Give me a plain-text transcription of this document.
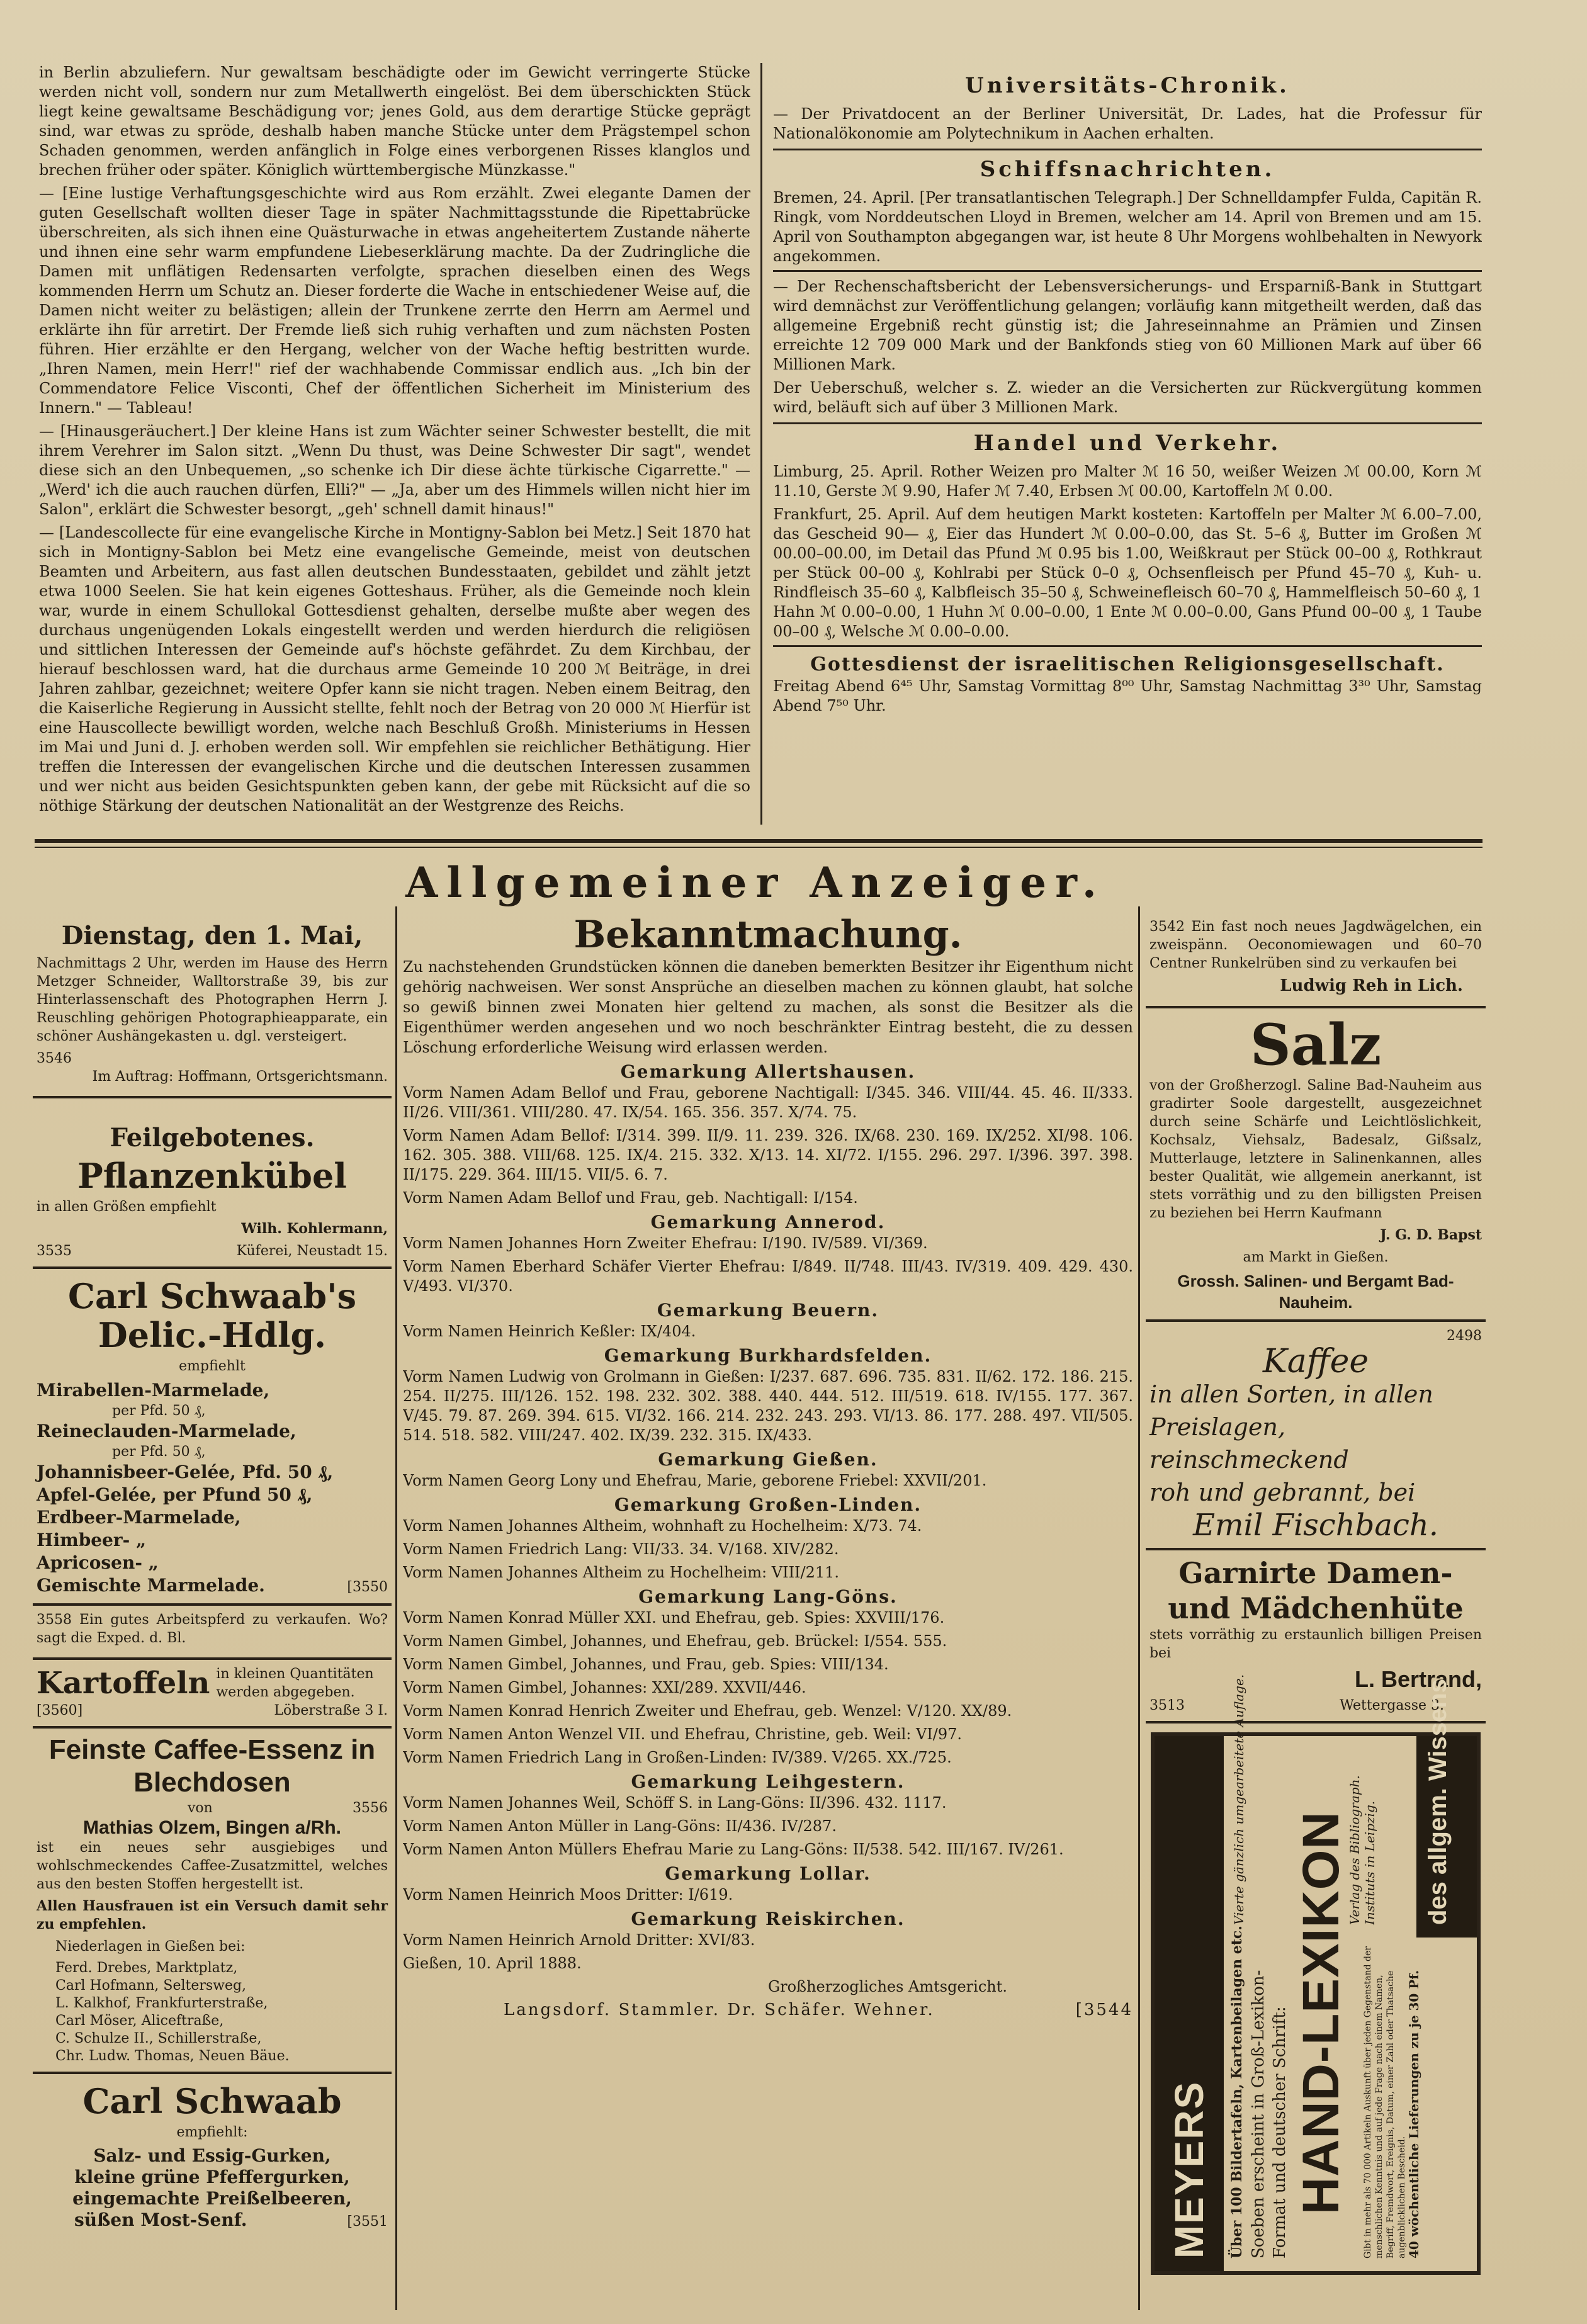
in Berlin abzuliefern. Nur gewaltsam beschädigte oder im Gewicht verringerte Stücke werden nicht voll, sondern nur zum Metallwerth eingelöst. Bei dem überschickten Stück liegt keine gewaltsame Beschädigung vor; jenes Gold, aus dem derartige Stücke geprägt sind, war etwas zu spröde, deshalb haben manche Stücke unter dem Prägstempel schon Schaden genommen, werden anfänglich in Folge eines verborgenen Risses klanglos und brechen früher oder später. Königlich württembergische Münzkasse."

— [Eine lustige Verhaftungsgeschichte wird aus Rom erzählt. Zwei elegante Damen der guten Gesellschaft wollten dieser Tage in später Nachmittagsstunde die Ripettabrücke überschreiten, als sich ihnen eine Quästurwache in etwas angeheitertem Zustande näherte und ihnen eine sehr warm empfundene Liebeserklärung machte. Da der Zudringliche die Damen mit unflätigen Redensarten verfolgte, sprachen dieselben einen des Wegs kommenden Herrn um Schutz an. Dieser forderte die Wache in entschiedener Weise auf, die Damen nicht weiter zu belästigen; allein der Trunkene zerrte den Herrn am Aermel und erklärte ihn für arretirt. Der Fremde ließ sich ruhig verhaften und zum nächsten Posten führen. Hier erzählte er den Hergang, welcher von der Wache heftig bestritten wurde. „Ihren Namen, mein Herr!" rief der wachhabende Commissar endlich aus. „Ich bin der Commendatore Felice Visconti, Chef der öffentlichen Sicherheit im Ministerium des Innern." — Tableau!

— [Hinausgeräuchert.] Der kleine Hans ist zum Wächter seiner Schwester bestellt, die mit ihrem Verehrer im Salon sitzt. „Wenn Du thust, was Deine Schwester Dir sagt", wendet diese sich an den Unbequemen, „so schenke ich Dir diese ächte türkische Cigarrette." — „Werd' ich die auch rauchen dürfen, Elli?" — „Ja, aber um des Himmels willen nicht hier im Salon", erklärt die Schwester besorgt, „geh' schnell damit hinaus!"

— [Landescollecte für eine evangelische Kirche in Montigny-Sablon bei Metz.] Seit 1870 hat sich in Montigny-Sablon bei Metz eine evangelische Gemeinde, meist von deutschen Beamten und Arbeitern, aus fast allen deutschen Bundesstaaten, gebildet und zählt jetzt etwa 1000 Seelen. Sie hat kein eigenes Gotteshaus. Früher, als die Gemeinde noch klein war, wurde in einem Schullokal Gottesdienst gehalten, derselbe mußte aber wegen des durchaus ungenügenden Lokals eingestellt werden und werden hierdurch die religiösen und sittlichen Interessen der Gemeinde auf's höchste gefährdet. Zu dem Kirchbau, der hierauf beschlossen ward, hat die durchaus arme Gemeinde 10 200 ℳ Beiträge, in drei Jahren zahlbar, gezeichnet; weitere Opfer kann sie nicht tragen. Neben einem Beitrag, den die Kaiserliche Regierung in Aussicht stellte, fehlt noch der Betrag von 20 000 ℳ Hierfür ist eine Hauscollecte bewilligt worden, welche nach Beschluß Großh. Ministeriums in Hessen im Mai und Juni d. J. erhoben werden soll. Wir empfehlen sie reichlicher Bethätigung. Hier treffen die Interessen der evangelischen Kirche und die deutschen Interessen zusammen und wer nicht aus beiden Gesichtspunkten geben kann, der gebe mit Rücksicht auf die so nöthige Stärkung der deutschen Nationalität an der Westgrenze des Reichs.

Universitäts-Chronik.

— Der Privatdocent an der Berliner Universität, Dr. Lades, hat die Professur für Nationalökonomie am Polytechnikum in Aachen erhalten.

Schiffsnachrichten.

Bremen, 24. April. [Per transatlantischen Telegraph.] Der Schnelldampfer Fulda, Capitän R. Ringk, vom Norddeutschen Lloyd in Bremen, welcher am 14. April von Bremen und am 15. April von Southampton abgegangen war, ist heute 8 Uhr Morgens wohlbehalten in Newyork angekommen.

— Der Rechenschaftsbericht der Lebensversicherungs- und Ersparniß-Bank in Stuttgart wird demnächst zur Veröffentlichung gelangen; vorläufig kann mitgetheilt werden, daß das allgemeine Ergebniß recht günstig ist; die Jahreseinnahme an Prämien und Zinsen erreichte 12 709 000 Mark und der Bankfonds stieg von 60 Millionen Mark auf über 66 Millionen Mark.

Der Ueberschuß, welcher s. Z. wieder an die Versicherten zur Rückvergütung kommen wird, beläuft sich auf über 3 Millionen Mark.

Handel und Verkehr.

Limburg, 25. April. Rother Weizen pro Malter ℳ 16 50, weißer Weizen ℳ 00.00, Korn ℳ 11.10, Gerste ℳ 9.90, Hafer ℳ 7.40, Erbsen ℳ 00.00, Kartoffeln ℳ 0.00.

Frankfurt, 25. April. Auf dem heutigen Markt kosteten: Kartoffeln per Malter ℳ 6.00–7.00, das Gescheid 90— ₰, Eier das Hundert ℳ 0.00–0.00, das St. 5–6 ₰, Butter im Großen ℳ 00.00–00.00, im Detail das Pfund ℳ 0.95 bis 1.00, Weißkraut per Stück 00–00 ₰, Rothkraut per Stück 00–00 ₰, Kohlrabi per Stück 0–0 ₰, Ochsenfleisch per Pfund 45–70 ₰, Kuh- u. Rindfleisch 35–60 ₰, Kalbfleisch 35–50 ₰, Schweinefleisch 60–70 ₰, Hammelfleisch 50–60 ₰, 1 Hahn ℳ 0.00–0.00, 1 Huhn ℳ 0.00–0.00, 1 Ente ℳ 0.00–0.00, Gans Pfund 00–00 ₰, 1 Taube 00–00 ₰, Welsche ℳ 0.00–0.00.

Gottesdienst der israelitischen Religionsgesellschaft.

Freitag Abend 6⁴⁵ Uhr, Samstag Vormittag 8⁰⁰ Uhr, Samstag Nachmittag 3³⁰ Uhr, Samstag Abend 7⁵⁰ Uhr.

Allgemeiner Anzeiger.
Dienstag, den 1. Mai,

Nachmittags 2 Uhr, werden im Hause des Herrn Metzger Schneider, Walltorstraße 39, bis zur Hinterlassenschaft des Photographen Herrn J. Reuschling gehörigen Photographieapparate, ein schöner Aushängekasten u. dgl. versteigert.

3546

Im Auftrag: Hoffmann, Ortsgerichtsmann.

Feilgebotenes.
Pflanzenkübel

in allen Größen empfiehlt

Wilh. Kohlermann,

3535	Küferei, Neustadt 15.
Carl Schwaab's Delic.-Hdlg.

empfiehlt

Mirabellen-Marmelade,
per Pfd. 50 ₰,
Reineclauden-Marmelade,
per Pfd. 50 ₰,
Johannisbeer-Gelée, Pfd. 50 ₰,
Apfel-Gelée, per Pfund 50 ₰,
Erdbeer-Marmelade,
Himbeer- „
Apricosen- „
Gemischte Marmelade.	[3550

3558 Ein gutes Arbeitspferd zu verkaufen. Wo? sagt die Exped. d. Bl.

Kartoffeln in kleinen Quantitäten werden abgegeben.
[3560]	Löberstraße 3 I.
Feinste Caffee-Essenz in Blechdosen
von	3556
Mathias Olzem, Bingen a/Rh.

ist ein neues sehr ausgiebiges und wohlschmeckendes Caffee-Zusatzmittel, welches aus den besten Stoffen hergestellt ist.

Allen Hausfrauen ist ein Versuch damit sehr zu empfehlen.

Niederlagen in Gießen bei:

Ferd. Drebes, Marktplatz,
Carl Hofmann, Seltersweg,
L. Kalkhof, Frankfurterstraße,
Carl Möser, Aliceftraße,
C. Schulze II., Schillerstraße,
Chr. Ludw. Thomas, Neuen Bäue.
Carl Schwaab

empfiehlt:

Salz- und Essig-Gurken,
kleine grüne Pfeffergurken,
eingemachte Preißelbeeren,
süßen Most-Senf.	[3551
Bekanntmachung.

Zu nachstehenden Grundstücken können die daneben bemerkten Besitzer ihr Eigenthum nicht gehörig nachweisen. Wer sonst Ansprüche an dieselben machen zu können glaubt, hat solche so gewiß binnen zwei Monaten hier geltend zu machen, als sonst die Besitzer als die Eigenthümer werden angesehen und wo noch beschränkter Eintrag besteht, die zu dessen Löschung erforderliche Weisung wird erlassen werden.

Gemarkung Allertshausen.

Vorm Namen Adam Bellof und Frau, geborene Nachtigall: I/345. 346. VIII/44. 45. 46. II/333. II/26. VIII/361. VIII/280. 47. IX/54. 165. 356. 357. X/74. 75.

Vorm Namen Adam Bellof: I/314. 399. II/9. 11. 239. 326. IX/68. 230. 169. IX/252. XI/98. 106. 162. 305. 388. VIII/68. 125. IX/4. 215. 332. X/13. 14. XI/72. I/155. 296. 297. I/396. 397. 398. II/175. 229. 364. III/15. VII/5. 6. 7.

Vorm Namen Adam Bellof und Frau, geb. Nachtigall: I/154.

Gemarkung Annerod.

Vorm Namen Johannes Horn Zweiter Ehefrau: I/190. IV/589. VI/369.

Vorm Namen Eberhard Schäfer Vierter Ehefrau: I/849. II/748. III/43. IV/319. 409. 429. 430. V/493. VI/370.

Gemarkung Beuern.

Vorm Namen Heinrich Keßler: IX/404.

Gemarkung Burkhardsfelden.

Vorm Namen Ludwig von Grolmann in Gießen: I/237. 687. 696. 735. 831. II/62. 172. 186. 215. 254. II/275. III/126. 152. 198. 232. 302. 388. 440. 444. 512. III/519. 618. IV/155. 177. 367. V/45. 79. 87. 269. 394. 615. VI/32. 166. 214. 232. 243. 293. VI/13. 86. 177. 288. 497. VII/505. 514. 518. 582. VIII/247. 402. IX/39. 232. 315. IX/433.

Gemarkung Gießen.

Vorm Namen Georg Lony und Ehefrau, Marie, geborene Friebel: XXVII/201.

Gemarkung Großen-Linden.

Vorm Namen Johannes Altheim, wohnhaft zu Hochelheim: X/73. 74.

Vorm Namen Friedrich Lang: VII/33. 34. V/168. XIV/282.

Vorm Namen Johannes Altheim zu Hochelheim: VIII/211.

Gemarkung Lang-Göns.

Vorm Namen Konrad Müller XXI. und Ehefrau, geb. Spies: XXVIII/176.

Vorm Namen Gimbel, Johannes, und Ehefrau, geb. Brückel: I/554. 555.

Vorm Namen Gimbel, Johannes, und Frau, geb. Spies: VIII/134.

Vorm Namen Gimbel, Johannes: XXI/289. XXVII/446.

Vorm Namen Konrad Henrich Zweiter und Ehefrau, geb. Wenzel: V/120. XX/89.

Vorm Namen Anton Wenzel VII. und Ehefrau, Christine, geb. Weil: VI/97.

Vorm Namen Friedrich Lang in Großen-Linden: IV/389. V/265. XX./725.

Gemarkung Leihgestern.

Vorm Namen Johannes Weil, Schöff S. in Lang-Göns: II/396. 432. 1117.

Vorm Namen Anton Müller in Lang-Göns: II/436. IV/287.

Vorm Namen Anton Müllers Ehefrau Marie zu Lang-Göns: II/538. 542. III/167. IV/261.

Gemarkung Lollar.

Vorm Namen Heinrich Moos Dritter: I/619.

Gemarkung Reiskirchen.

Vorm Namen Heinrich Arnold Dritter: XVI/83.

Gießen, 10. April 1888.

Großherzogliches Amtsgericht.

Langsdorf. Stammler. Dr. Schäfer. Wehner.	[3544

3542 Ein fast noch neues Jagdwägelchen, ein zweispänn. Oeconomiewagen und 60–70 Centner Runkelrüben sind zu verkaufen bei

Ludwig Reh in Lich.

Salz

von der Großherzogl. Saline Bad-Nauheim aus gradirter Soole dargestellt, ausgezeichnet durch seine Schärfe und Leichtlöslichkeit, Kochsalz, Viehsalz, Badesalz, Gißsalz, Mutterlauge, letztere in Salinenkannen, alles bester Qualität, wie allgemein anerkannt, ist stets vorräthig und zu den billigsten Preisen zu beziehen bei Herrn Kaufmann

J. G. D. Bapst

am Markt in Gießen.

Grossh. Salinen- und Bergamt Bad-Nauheim.
2498
Kaffee
in allen Sorten, in allen
Preislagen, reinschmeckend
roh und gebrannt, bei
Emil Fischbach.
Garnirte Damen- und Mädchenhüte

stets vorräthig zu erstaunlich billigen Preisen bei

L. Bertrand,

3513	Wettergasse 3.
MEYERS Über 100 Bildertafeln, Kartenbeilagen etc. Soeben erscheint in Groß-Lexikon- Format und deutscher Schrift: HAND-LEXIKON
des allgem. Wissens
Verlag des Bibliograph. Instituts in Leipzig.
Gibt in mehr als 70 000 Artikeln Auskunft über jeden Gegenstand der menschlichen Kenntnis und auf jede Frage nach einem Namen, Begriff, Fremdwort, Ereignis, Datum, einer Zahl oder Thatsache augenblicklichen Bescheid. 40 wöchentliche Lieferungen zu je 30 Pf.
Vierte gänzlich umgearbeitete Auflage.
